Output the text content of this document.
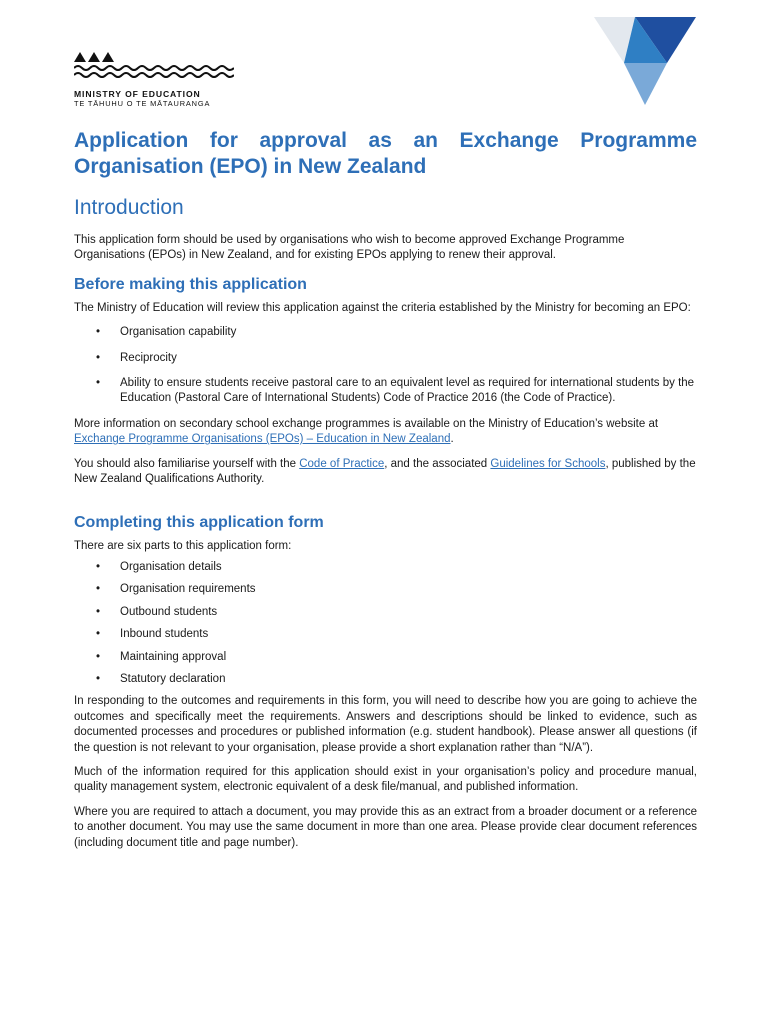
MINISTRY OF EDUCATION
TE TĀHUHU O TE MĀTAURANGA
Application for approval as an Exchange Programme Organisation (EPO) in New Zealand
Introduction

This application form should be used by organisations who wish to become approved Exchange Programme Organisations (EPOs) in New Zealand, and for existing EPOs applying to renew their approval.

Before making this application

The Ministry of Education will review this application against the criteria established by the Ministry for becoming an EPO:

• Organisation capability
• Reciprocity
• Ability to ensure students receive pastoral care to an equivalent level as required for international students by the Education (Pastoral Care of International Students) Code of Practice 2016 (the Code of Practice).

More information on secondary school exchange programmes is available on the Ministry of Education’s website at  Exchange Programme Organisations (EPOs) – Education in New Zealand.

You should also familiarise yourself with the Code of Practice, and the associated Guidelines for Schools, published by the New Zealand Qualifications Authority.

Completing this application form

There are six parts to this application form:

• Organisation details
• Organisation requirements
• Outbound students
• Inbound students
• Maintaining approval
• Statutory declaration

In responding to the outcomes and requirements in this form, you will need to describe how you are going to achieve the outcomes and specifically meet the requirements. Answers and descriptions should be linked to evidence, such as documented processes and procedures or published information (e.g. student handbook). Please answer all questions (if the question is not relevant to your organisation, please provide a short explanation rather than “N/A”).

Much of the information required for this application should exist in your organisation’s policy and procedure manual, quality management system, electronic equivalent of a desk file/manual, and published information.

Where you are required to attach a document, you may provide this as an extract from a broader document or a reference to another document. You may use the same document in more than one area. Please provide clear document references (including document title and page number).
